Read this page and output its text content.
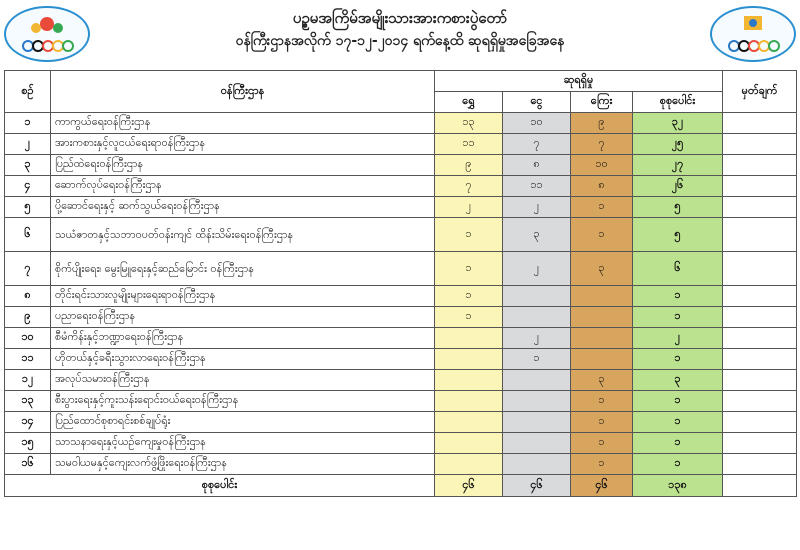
ပဉ္စမအကြိမ်အမျိုးသားအားကစားပွဲတော်
ဝန်ကြီးဌာနအလိုက် ၁၇-၁၂-၂၀၁၄ ရက်နေ့ထိ ဆုရရှိမှုအခြေအနေ
စဉ်	ဝန်ကြီးဌာန	ဆုရရှိမှု				မှတ်ချက်
		ရွှေ	ငွေ	ကြေး	စုစုပေါင်း	
၁	ကာကွယ်ရေးဝန်ကြီးဌာန	၁၃	၁၀	၉	၃၂	
၂	အားကစားနှင့်လူငယ်ရေးရာဝန်ကြီးဌာန	၁၁	၇	၇	၂၅	
၃	ပြည်ထဲရေးဝန်ကြီးဌာန	၉	၈	၁၀	၂၇	
၄	ဆောက်လုပ်ရေးဝန်ကြီးဌာန	၇	၁၁	၈	၂၆	
၅	ပို့ဆောင်ရေးနှင့် ဆက်သွယ်ရေးဝန်ကြီးဌာန	၂	၂	၁	၅	
၆	သယံဇာတနှင့်သဘာဝပတ်ဝန်းကျင် ထိန်းသိမ်းရေးဝန်ကြီးဌာန	၁	၃	၁	၅	
၇	စိုက်ပျိုးရေး၊ မွေးမြူရေးနှင့်ဆည်မြောင်း ဝန်ကြီးဌာန	၁	၂	၃	၆	
၈	တိုင်းရင်းသားလူမျိုးများရေးရာဝန်ကြီးဌာန	၁			၁	
၉	ပညာရေးဝန်ကြီးဌာန	၁			၁	
၁၀	စီမံကိန်းနှင့်ဘဏ္ဍာရေးဝန်ကြီးဌာန		၂		၂	
၁၁	ဟိုတယ်နှင့်ခရီးသွားလာရေးဝန်ကြီးဌာန		၁		၁	
၁၂	အလုပ်သမားဝန်ကြီးဌာန			၃	၃	
၁၃	စီးပွားရေးနှင့်ကူးသန်းရောင်းဝယ်ရေးဝန်ကြီးဌာန			၁	၁	
၁၄	ပြည်ထောင်စုစာရင်းစစ်ချုပ်ရုံး			၁	၁	
၁၅	သာသနာရေးနှင့်ယဉ်ကျေးမှုဝန်ကြီးဌာန			၁	၁	
၁၆	သမဝါယမနှင့်ကျေးလက်ဖွံ့ဖြိုးရေးဝန်ကြီးဌာန			၁	၁	
စုစုပေါင်း		၄၆	၄၆	၄၆	၁၃၈	
